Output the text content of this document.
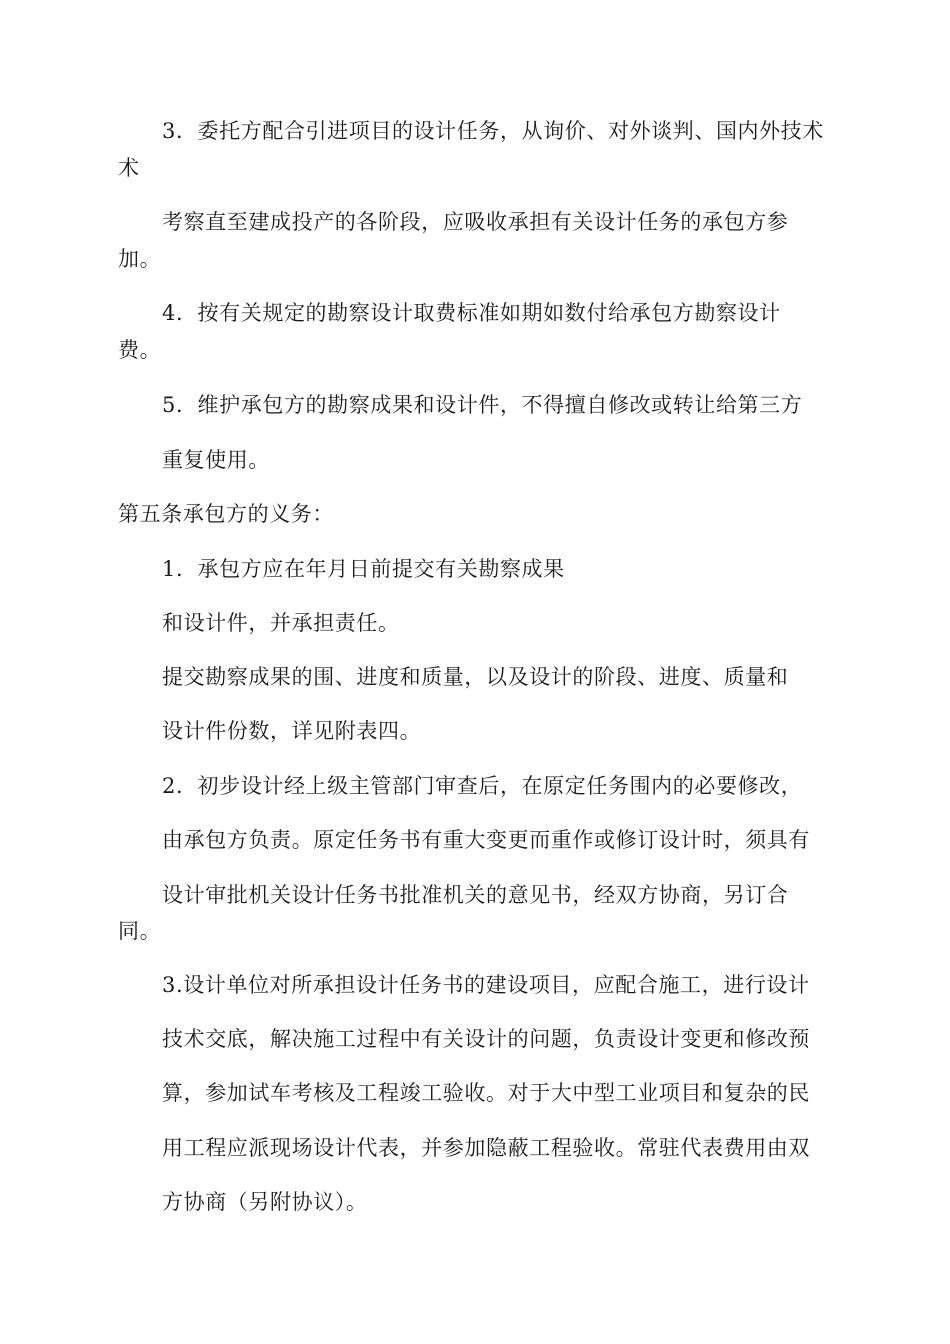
3．委托方配合引进项目的设计任务，从询价、对外谈判、国内外技术
术
考察直至建成投产的各阶段，应吸收承担有关设计任务的承包方参
加。
4．按有关规定的勘察设计取费标准如期如数付给承包方勘察设计
费。
5．维护承包方的勘察成果和设计件，不得擅自修改或转让给第三方
重复使用。
第五条承包方的义务：
1．承包方应在年月日前提交有关勘察成果
和设计件，并承担责任。
提交勘察成果的围、进度和质量，以及设计的阶段、进度、质量和
设计件份数，详见附表四。
2．初步设计经上级主管部门审查后，在原定任务围内的必要修改，
由承包方负责。原定任务书有重大变更而重作或修订设计时，须具有
设计审批机关设计任务书批准机关的意见书，经双方协商，另订合
同。
3.设计单位对所承担设计任务书的建设项目，应配合施工，进行设计
技术交底，解决施工过程中有关设计的问题，负责设计变更和修改预
算，参加试车考核及工程竣工验收。对于大中型工业项目和复杂的民
用工程应派现场设计代表，并参加隐蔽工程验收。常驻代表费用由双
方协商（另附协议）。
